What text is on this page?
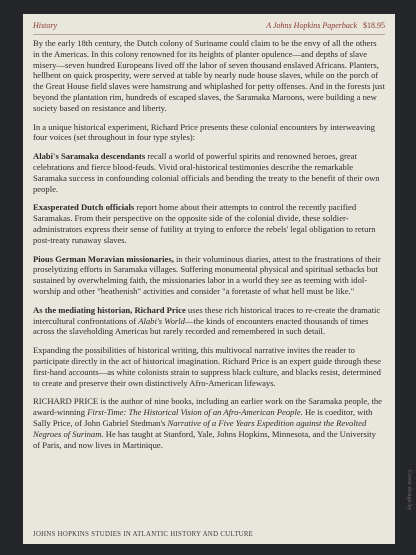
History	A Johns Hopkins Paperback $18.95

By the early 18th century, the Dutch colony of Suriname could claim to be the envy of all the others in the Americas. In this colony renowned for its heights of planter opulence—and depths of slave misery—seven hundred Europeans lived off the labor of seven thousand enslaved Africans. Planters, hellbent on quick prosperity, were served at table by nearly nude house slaves, while on the porch of the Great House field slaves were hamstrung and whiplashed for petty offenses. And in the forests just beyond the plantation rim, hundreds of escaped slaves, the Saramaka Maroons, were building a new society based on resistance and liberty.

In a unique historical experiment, Richard Price presents these colonial encounters by interweaving four voices (set throughout in four type styles):

Alabi's Saramaka descendants recall a world of powerful spirits and renowned heroes, great celebrations and fierce blood-feuds. Vivid oral-historical testimonies describe the remarkable Saramaka success in confounding colonial officials and bending the treaty to the benefit of their own people.

Exasperated Dutch officials report home about their attempts to control the recently pacified Saramakas. From their perspective on the opposite side of the colonial divide, these soldier-administrators express their sense of futility at trying to enforce the rebels' legal obligation to return post-treaty runaway slaves.

Pious German Moravian missionaries, in their voluminous diaries, attest to the frustrations of their proselytizing efforts in Saramaka villages. Suffering monumental physical and spiritual setbacks but sustained by overwhelming faith, the missionaries labor in a world they see as teeming with idol-worship and other "heathenish" activities and consider "a foretaste of what hell must be like."

As the mediating historian, Richard Price uses these rich historical traces to re-create the dramatic intercultural confrontations of Alabi's World—the kinds of encounters enacted thousands of times across the slaveholding Americas but rarely recorded and remembered in such detail.

Expanding the possibilities of historical writing, this multivocal narrative invites the reader to participate directly in the act of historical imagination. Richard Price is an expert guide through these first-hand accounts—as white colonists strain to suppress black culture, and blacks resist, determined to create and preserve their own distinctively Afro-American lifeways.

RICHARD PRICE is the author of nine books, including an earlier work on the Saramaka people, the award-winning First-Time: The Historical Vision of an Afro-American People. He is coeditor, with Sally Price, of John Gabriel Stedman's Narrative of a Five Years Expedition against the Revolted Negroes of Surinam. He has taught at Stanford, Yale, Johns Hopkins, Minnesota, and the University of Paris, and now lives in Martinique.

JOHNS HOPKINS STUDIES IN ATLANTIC HISTORY AND CULTURE
Cover design by
